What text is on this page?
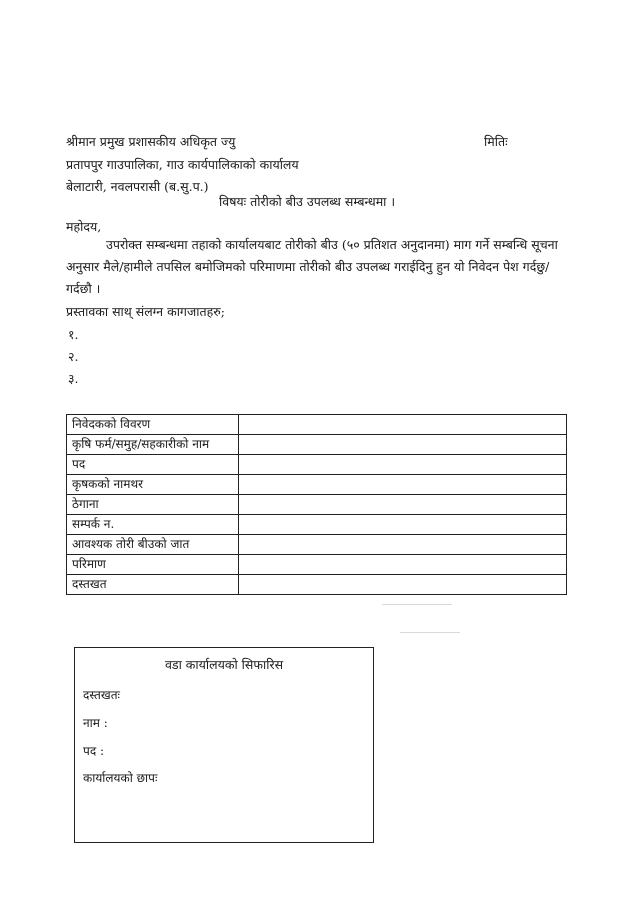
श्रीमान प्रमुख प्रशासकीय अधिकृत ज्यु	मितिः
प्रतापपुर गाउपालिका, गाउ कार्यपालिकाको कार्यालय
बेलाटारी, नवलपरासी (ब.सु.प.)
विषयः तोरीको बीउ उपलब्ध सम्बन्धमा ।
महोदय,
उपरोक्त सम्बन्धमा तहाको कार्यालयबाट तोरीको बीउ (५० प्रतिशत अनुदानमा) माग गर्ने सम्बन्धि सूचना अनुसार मैले/हामीले तपसिल बमोजिमको परिमाणमा तोरीको बीउ उपलब्ध गराईदिनु हुन यो निवेदन पेश गर्दछु/गर्दछौ ।
प्रस्तावका साथ् संलग्न कागजातहरु;
१.
२.
३.
निवेदकको विवरण	
कृषि फर्म/समुह/सहकारीको नाम	
पद	
कृषकको नामथर	
ठेगाना	
सम्पर्क न.	
आवश्यक तोरी बीउको जात	
परिमाण	
दस्तखत	
वडा कार्यालयको सिफारिस
दस्तखतः
नाम :
पद :
कार्यालयको छापः
